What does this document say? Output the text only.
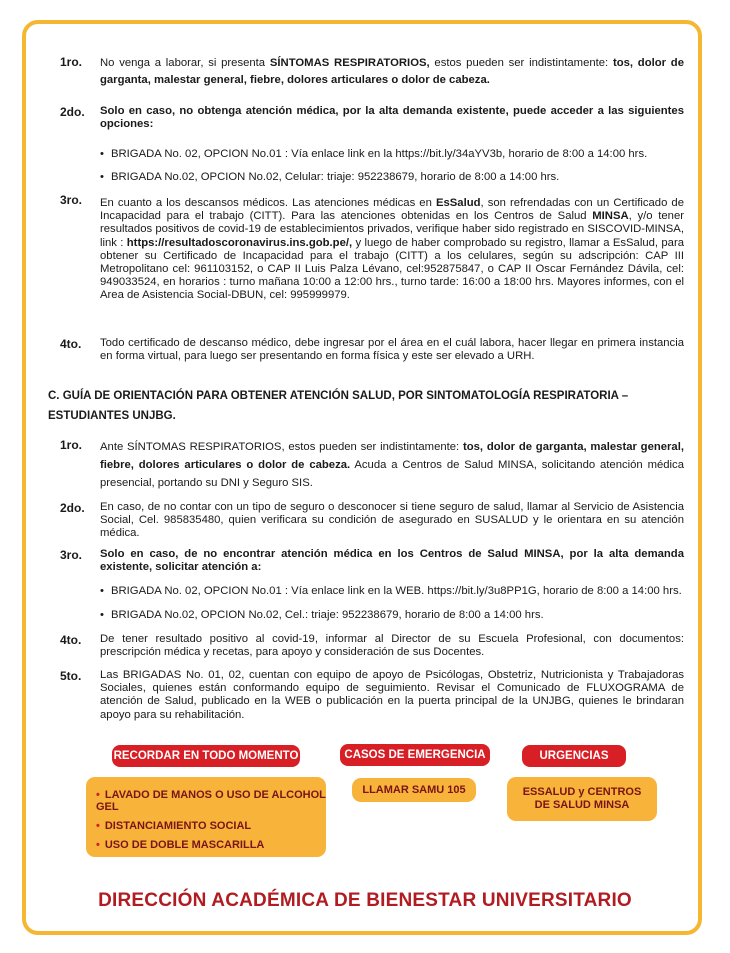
1ro. No venga a laborar, si presenta SÍNTOMAS RESPIRATORIOS, estos pueden ser indistintamente: tos, dolor de garganta, malestar general, fiebre, dolores articulares o dolor de cabeza.
2do. Solo en caso, no obtenga atención médica, por la alta demanda existente, puede acceder a las siguientes opciones:
• BRIGADA No. 02, OPCION No.01 : Vía enlace link en la https://bit.ly/34aYV3b, horario de 8:00 a 14:00 hrs.
• BRIGADA No.02, OPCION No.02, Celular: triaje: 952238679, horario de 8:00 a 14:00 hrs.
3ro. En cuanto a los descansos médicos. Las atenciones médicas en EsSalud, son refrendadas con un Certificado de Incapacidad para el trabajo (CITT). Para las atenciones obtenidas en los Centros de Salud MINSA, y/o tener resultados positivos de covid-19 de establecimientos privados, verifique haber sido registrado en SISCOVID-MINSA, link : https://resultadoscoronavirus.ins.gob.pe/, y luego de haber comprobado su registro, llamar a EsSalud, para obtener su Certificado de Incapacidad para el trabajo (CITT) a los celulares, según su adscripción: CAP III Metropolitano cel: 961103152, o CAP II Luis Palza Lévano, cel:952875847, o CAP II Oscar Fernández Dávila, cel: 949033524, en horarios : turno mañana 10:00 a 12:00 hrs., turno tarde: 16:00 a 18:00 hrs. Mayores informes, con el Area de Asistencia Social-DBUN, cel: 995999979.
4to. Todo certificado de descanso médico, debe ingresar por el área en el cuál labora, hacer llegar en primera instancia en forma virtual, para luego ser presentando en forma física y este ser elevado a URH.
C. GUÍA DE ORIENTACIÓN PARA OBTENER ATENCIÓN SALUD, POR SINTOMATOLOGÍA RESPIRATORIA – ESTUDIANTES UNJBG.
1ro. Ante SÍNTOMAS RESPIRATORIOS, estos pueden ser indistintamente: tos, dolor de garganta, malestar general, fiebre, dolores articulares o dolor de cabeza. Acuda a Centros de Salud MINSA, solicitando atención médica presencial, portando su DNI y Seguro SIS.
2do. En caso, de no contar con un tipo de seguro o desconocer si tiene seguro de salud, llamar al Servicio de Asistencia Social, Cel. 985835480, quien verificara su condición de asegurado en SUSALUD y le orientara en su atención médica.
3ro. Solo en caso, de no encontrar atención médica en los Centros de Salud MINSA, por la alta demanda existente, solicitar atención a:
• BRIGADA No. 02, OPCION No.01 : Vía enlace link en la WEB. https://bit.ly/3u8PP1G, horario de 8:00 a 14:00 hrs.
• BRIGADA No.02, OPCION No.02, Cel.: triaje: 952238679, horario de 8:00 a 14:00 hrs.
4to. De tener resultado positivo al covid-19, informar al Director de su Escuela Profesional, con documentos: prescripción médica y recetas, para apoyo y consideración de sus Docentes.
5to. Las BRIGADAS No. 01, 02, cuentan con equipo de apoyo de Psicólogas, Obstetriz, Nutricionista y Trabajadoras Sociales, quienes están conformando equipo de seguimiento. Revisar el Comunicado de FLUXOGRAMA de atención de Salud, publicado en la WEB o publicación en la puerta principal de la UNJBG, quienes le brindaran apoyo para su rehabilitación.
RECORDAR EN TODO MOMENTO
• LAVADO DE MANOS O USO DE ALCOHOL GEL
• DISTANCIAMIENTO SOCIAL
• USO DE DOBLE MASCARILLA
CASOS DE EMERGENCIA
LLAMAR SAMU 105
URGENCIAS
ESSALUD y CENTROS DE SALUD MINSA
DIRECCIÓN ACADÉMICA DE BIENESTAR UNIVERSITARIO
